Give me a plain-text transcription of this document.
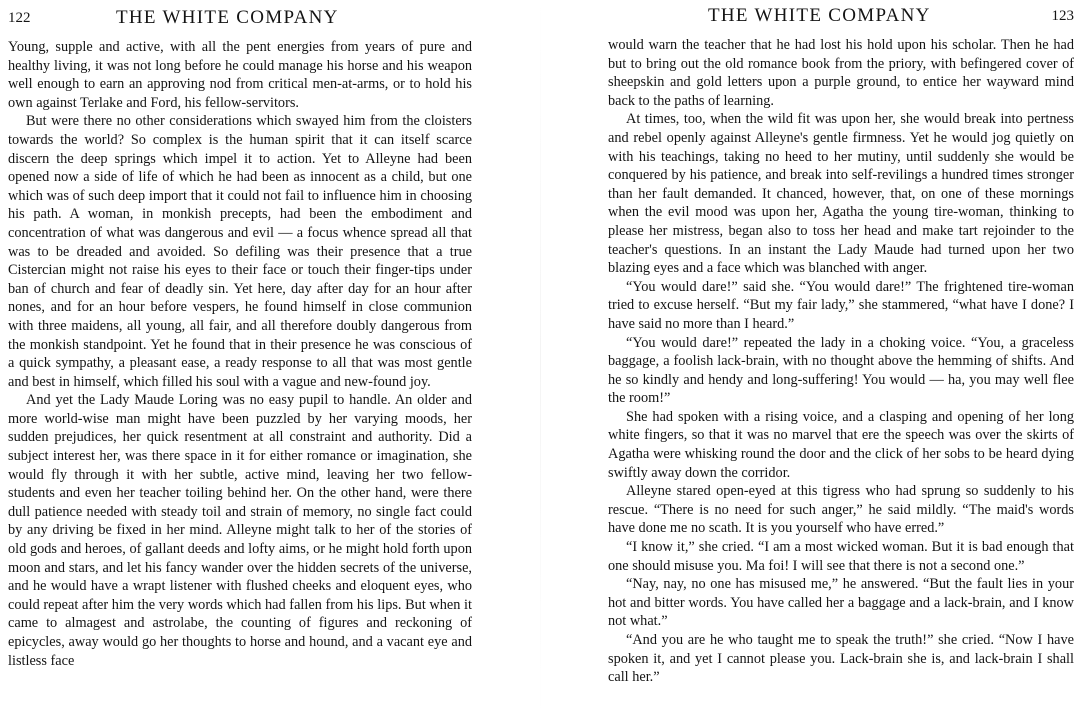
122	THE WHITE COMPANY

Young, supple and active, with all the pent energies from years of pure and healthy living, it was not long before he could manage his horse and his weapon well enough to earn an approving nod from critical men-at-arms, or to hold his own against Terlake and Ford, his fellow-servitors.

But were there no other considerations which swayed him from the cloisters towards the world? So complex is the human spirit that it can itself scarce discern the deep springs which impel it to action. Yet to Alleyne had been opened now a side of life of which he had been as innocent as a child, but one which was of such deep import that it could not fail to influence him in choosing his path. A woman, in monkish precepts, had been the embodiment and concentration of what was dangerous and evil — a focus whence spread all that was to be dreaded and avoided. So defiling was their presence that a true Cistercian might not raise his eyes to their face or touch their finger-tips under ban of church and fear of deadly sin. Yet here, day after day for an hour after nones, and for an hour before vespers, he found himself in close communion with three maidens, all young, all fair, and all therefore doubly dangerous from the monkish standpoint. Yet he found that in their presence he was conscious of a quick sympathy, a pleasant ease, a ready response to all that was most gentle and best in himself, which filled his soul with a vague and new-found joy.

And yet the Lady Maude Loring was no easy pupil to handle. An older and more world-wise man might have been puzzled by her varying moods, her sudden prejudices, her quick resentment at all constraint and authority. Did a subject interest her, was there space in it for either romance or imagination, she would fly through it with her subtle, active mind, leaving her two fellow-students and even her teacher toiling behind her. On the other hand, were there dull patience needed with steady toil and strain of memory, no single fact could by any driving be fixed in her mind. Alleyne might talk to her of the stories of old gods and heroes, of gallant deeds and lofty aims, or he might hold forth upon moon and stars, and let his fancy wander over the hidden secrets of the universe, and he would have a wrapt listener with flushed cheeks and eloquent eyes, who could repeat after him the very words which had fallen from his lips. But when it came to almagest and astrolabe, the counting of figures and reckoning of epicycles, away would go her thoughts to horse and hound, and a vacant eye and listless face

THE WHITE COMPANY	123

would warn the teacher that he had lost his hold upon his scholar. Then he had but to bring out the old romance book from the priory, with befingered cover of sheepskin and gold letters upon a purple ground, to entice her wayward mind back to the paths of learning.

At times, too, when the wild fit was upon her, she would break into pertness and rebel openly against Alleyne's gentle firmness. Yet he would jog quietly on with his teachings, taking no heed to her mutiny, until suddenly she would be conquered by his patience, and break into self-revilings a hundred times stronger than her fault demanded. It chanced, however, that, on one of these mornings when the evil mood was upon her, Agatha the young tire-woman, thinking to please her mistress, began also to toss her head and make tart rejoinder to the teacher's questions. In an instant the Lady Maude had turned upon her two blazing eyes and a face which was blanched with anger.

“You would dare!” said she. “You would dare!” The frightened tire-woman tried to excuse herself. “But my fair lady,” she stammered, “what have I done? I have said no more than I heard.”

“You would dare!” repeated the lady in a choking voice. “You, a graceless baggage, a foolish lack-brain, with no thought above the hemming of shifts. And he so kindly and hendy and long-suffering! You would — ha, you may well flee the room!”

She had spoken with a rising voice, and a clasping and opening of her long white fingers, so that it was no marvel that ere the speech was over the skirts of Agatha were whisking round the door and the click of her sobs to be heard dying swiftly away down the corridor.

Alleyne stared open-eyed at this tigress who had sprung so suddenly to his rescue. “There is no need for such anger,” he said mildly. “The maid's words have done me no scath. It is you yourself who have erred.”

“I know it,” she cried. “I am a most wicked woman. But it is bad enough that one should misuse you. Ma foi! I will see that there is not a second one.”

“Nay, nay, no one has misused me,” he answered. “But the fault lies in your hot and bitter words. You have called her a baggage and a lack-brain, and I know not what.”

“And you are he who taught me to speak the truth!” she cried. “Now I have spoken it, and yet I cannot please you. Lack-brain she is, and lack-brain I shall call her.”
